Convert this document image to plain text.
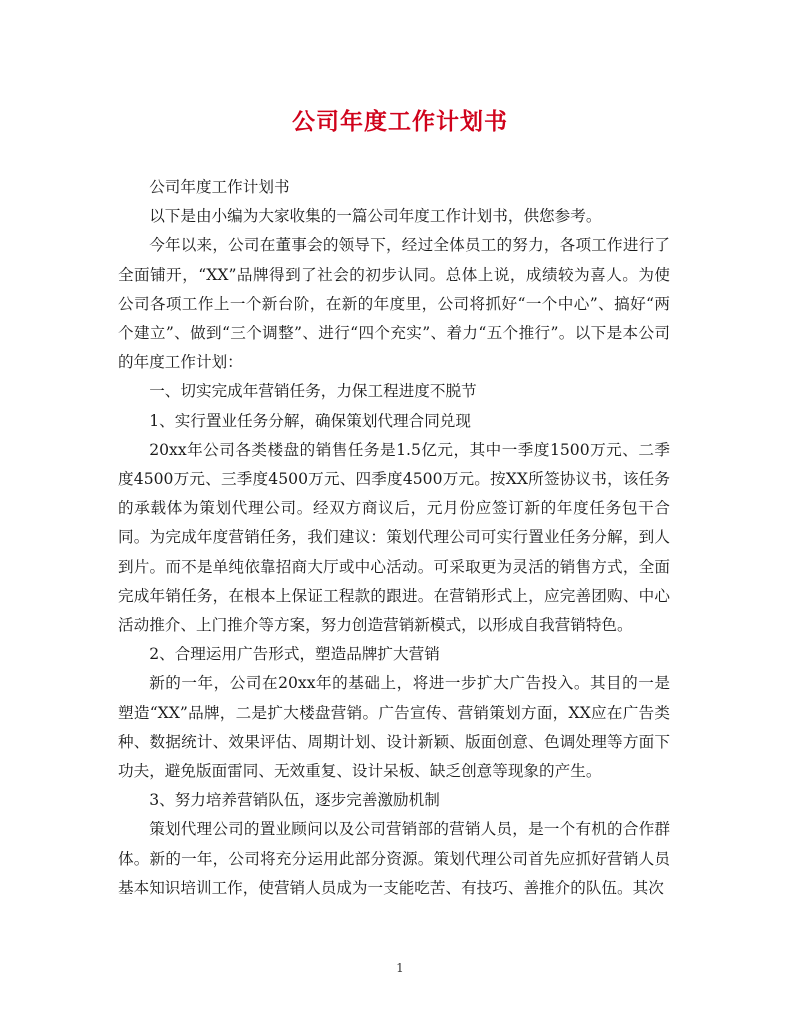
公司年度工作计划书

公司年度工作计划书

以下是由小编为大家收集的一篇公司年度工作计划书，供您参考。

今年以来，公司在董事会的领导下，经过全体员工的努力，各项工作进行了全面铺开，“XX”品牌得到了社会的初步认同。总体上说，成绩较为喜人。为使公司各项工作上一个新台阶，在新的年度里，公司将抓好“一个中心”、搞好“两个建立”、做到“三个调整”、进行“四个充实”、着力“五个推行”。以下是本公司的年度工作计划：

一、切实完成年营销任务，力保工程进度不脱节

1、实行置业任务分解，确保策划代理合同兑现

20xx年公司各类楼盘的销售任务是1.5亿元，其中一季度1500万元、二季度4500万元、三季度4500万元、四季度4500万元。按XX所签协议书，该任务的承载体为策划代理公司。经双方商议后，元月份应签订新的年度任务包干合同。为完成年度营销任务，我们建议：策划代理公司可实行置业任务分解，到人到片。而不是单纯依靠招商大厅或中心活动。可采取更为灵活的销售方式，全面完成年销任务，在根本上保证工程款的跟进。在营销形式上，应完善团购、中心活动推介、上门推介等方案，努力创造营销新模式，以形成自我营销特色。

2、合理运用广告形式，塑造品牌扩大营销

新的一年，公司在20xx年的基础上，将进一步扩大广告投入。其目的一是塑造“XX”品牌，二是扩大楼盘营销。广告宣传、营销策划方面，XX应在广告类种、数据统计、效果评估、周期计划、设计新颖、版面创意、色调处理等方面下功夫，避免版面雷同、无效重复、设计呆板、缺乏创意等现象的产生。

3、努力培养营销队伍，逐步完善激励机制

策划代理公司的置业顾问以及公司营销部的营销人员，是一个有机的合作群体。新的一年，公司将充分运用此部分资源。策划代理公司首先应抓好营销人员基本知识培训工作，使营销人员成为一支能吃苦、有技巧、善推介的队伍。其次

1
